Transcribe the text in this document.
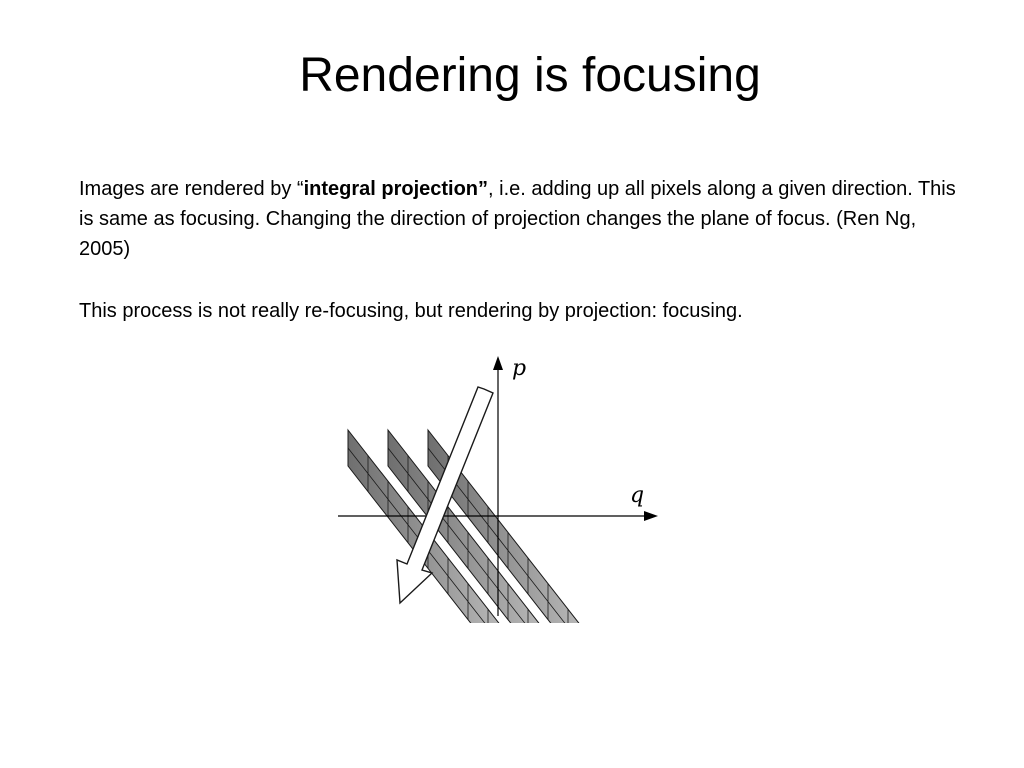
Rendering is focusing

Images are rendered by “integral projection”, i.e. adding up all pixels along a given direction. This is same as focusing. Changing the direction of projection changes the plane of focus. (Ren Ng, 2005)

This process is not really re-focusing, but rendering by projection: focusing.

p
q
